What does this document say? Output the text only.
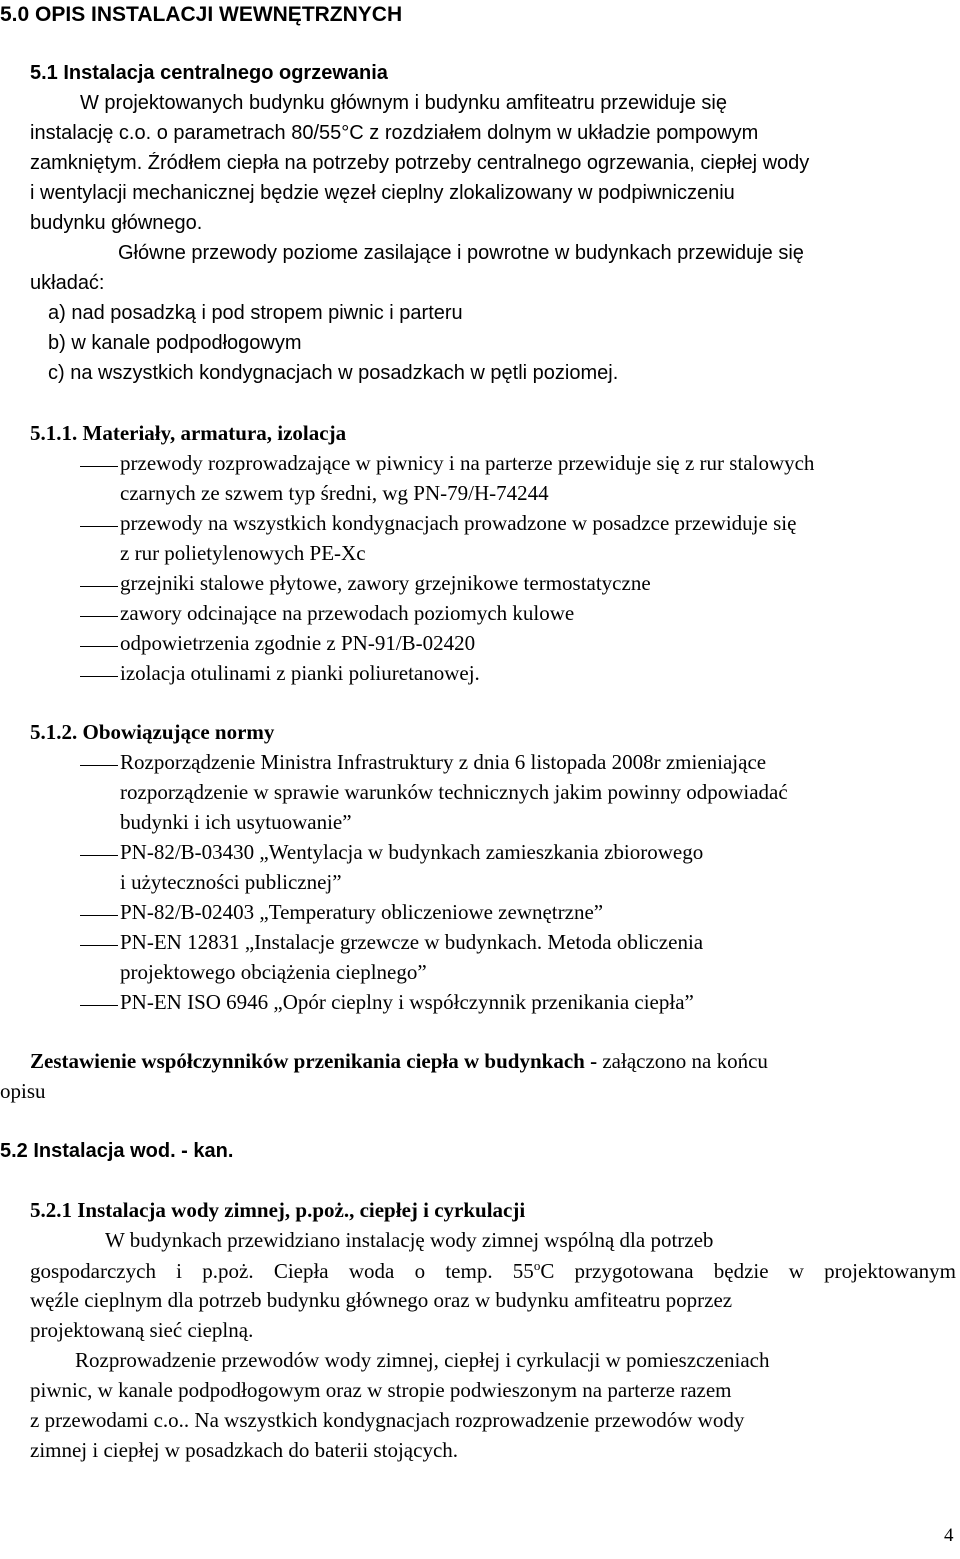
5.0 OPIS INSTALACJI WEWNĘTRZNYCH
5.1 Instalacja centralnego ogrzewania
W projektowanych budynku głównym i budynku amfiteatru przewiduje się
instalację c.o. o parametrach 80/55°C z rozdziałem dolnym w układzie pompowym
zamkniętym. Źródłem ciepła na potrzeby potrzeby centralnego ogrzewania, ciepłej wody
i wentylacji mechanicznej będzie węzeł cieplny zlokalizowany w podpiwniczeniu
budynku głównego.
Główne przewody poziome zasilające i powrotne w budynkach przewiduje się
układać:
a) nad posadzką i pod stropem piwnic i parteru
b) w kanale podpodłogowym
c) na wszystkich kondygnacjach w posadzkach w pętli poziomej.
5.1.1. Materiały, armatura, izolacja
przewody rozprowadzające w piwnicy i na parterze przewiduje się z rur stalowych
czarnych ze szwem typ średni, wg PN-79/H-74244
przewody na wszystkich kondygnacjach prowadzone w posadzce przewiduje się
z rur polietylenowych PE-Xc
grzejniki stalowe płytowe, zawory grzejnikowe termostatyczne
zawory odcinające na przewodach poziomych kulowe
odpowietrzenia zgodnie z PN-91/B-02420
izolacja otulinami z pianki poliuretanowej.
5.1.2. Obowiązujące normy
Rozporządzenie Ministra Infrastruktury z dnia 6 listopada 2008r zmieniające
rozporządzenie w sprawie warunków technicznych jakim powinny odpowiadać
budynki i ich usytuowanie”
PN-82/B-03430 „Wentylacja w budynkach zamieszkania zbiorowego
i użyteczności publicznej”
PN-82/B-02403 „Temperatury obliczeniowe zewnętrzne”
PN-EN 12831 „Instalacje grzewcze w budynkach. Metoda obliczenia
projektowego obciążenia cieplnego”
PN-EN ISO 6946 „Opór cieplny i współczynnik przenikania ciepła”
Zestawienie współczynników przenikania ciepła w budynkach - załączono na końcu
opisu
5.2 Instalacja wod. - kan.
5.2.1 Instalacja wody zimnej, p.poż., ciepłej i cyrkulacji
W budynkach przewidziano instalację wody zimnej wspólną dla potrzeb
gospodarczych i p.poż. Ciepła woda o temp. 55$^o$C przygotowana będzie w projektowanym
węźle cieplnym dla potrzeb budynku głównego oraz w budynku amfiteatru poprzez
projektowaną sieć cieplną.
Rozprowadzenie przewodów wody zimnej, ciepłej i cyrkulacji w pomieszczeniach
piwnic, w kanale podpodłogowym oraz w stropie podwieszonym na parterze razem
z przewodami c.o.. Na wszystkich kondygnacjach rozprowadzenie przewodów wody
zimnej i ciepłej w posadzkach do baterii stojących.
4
